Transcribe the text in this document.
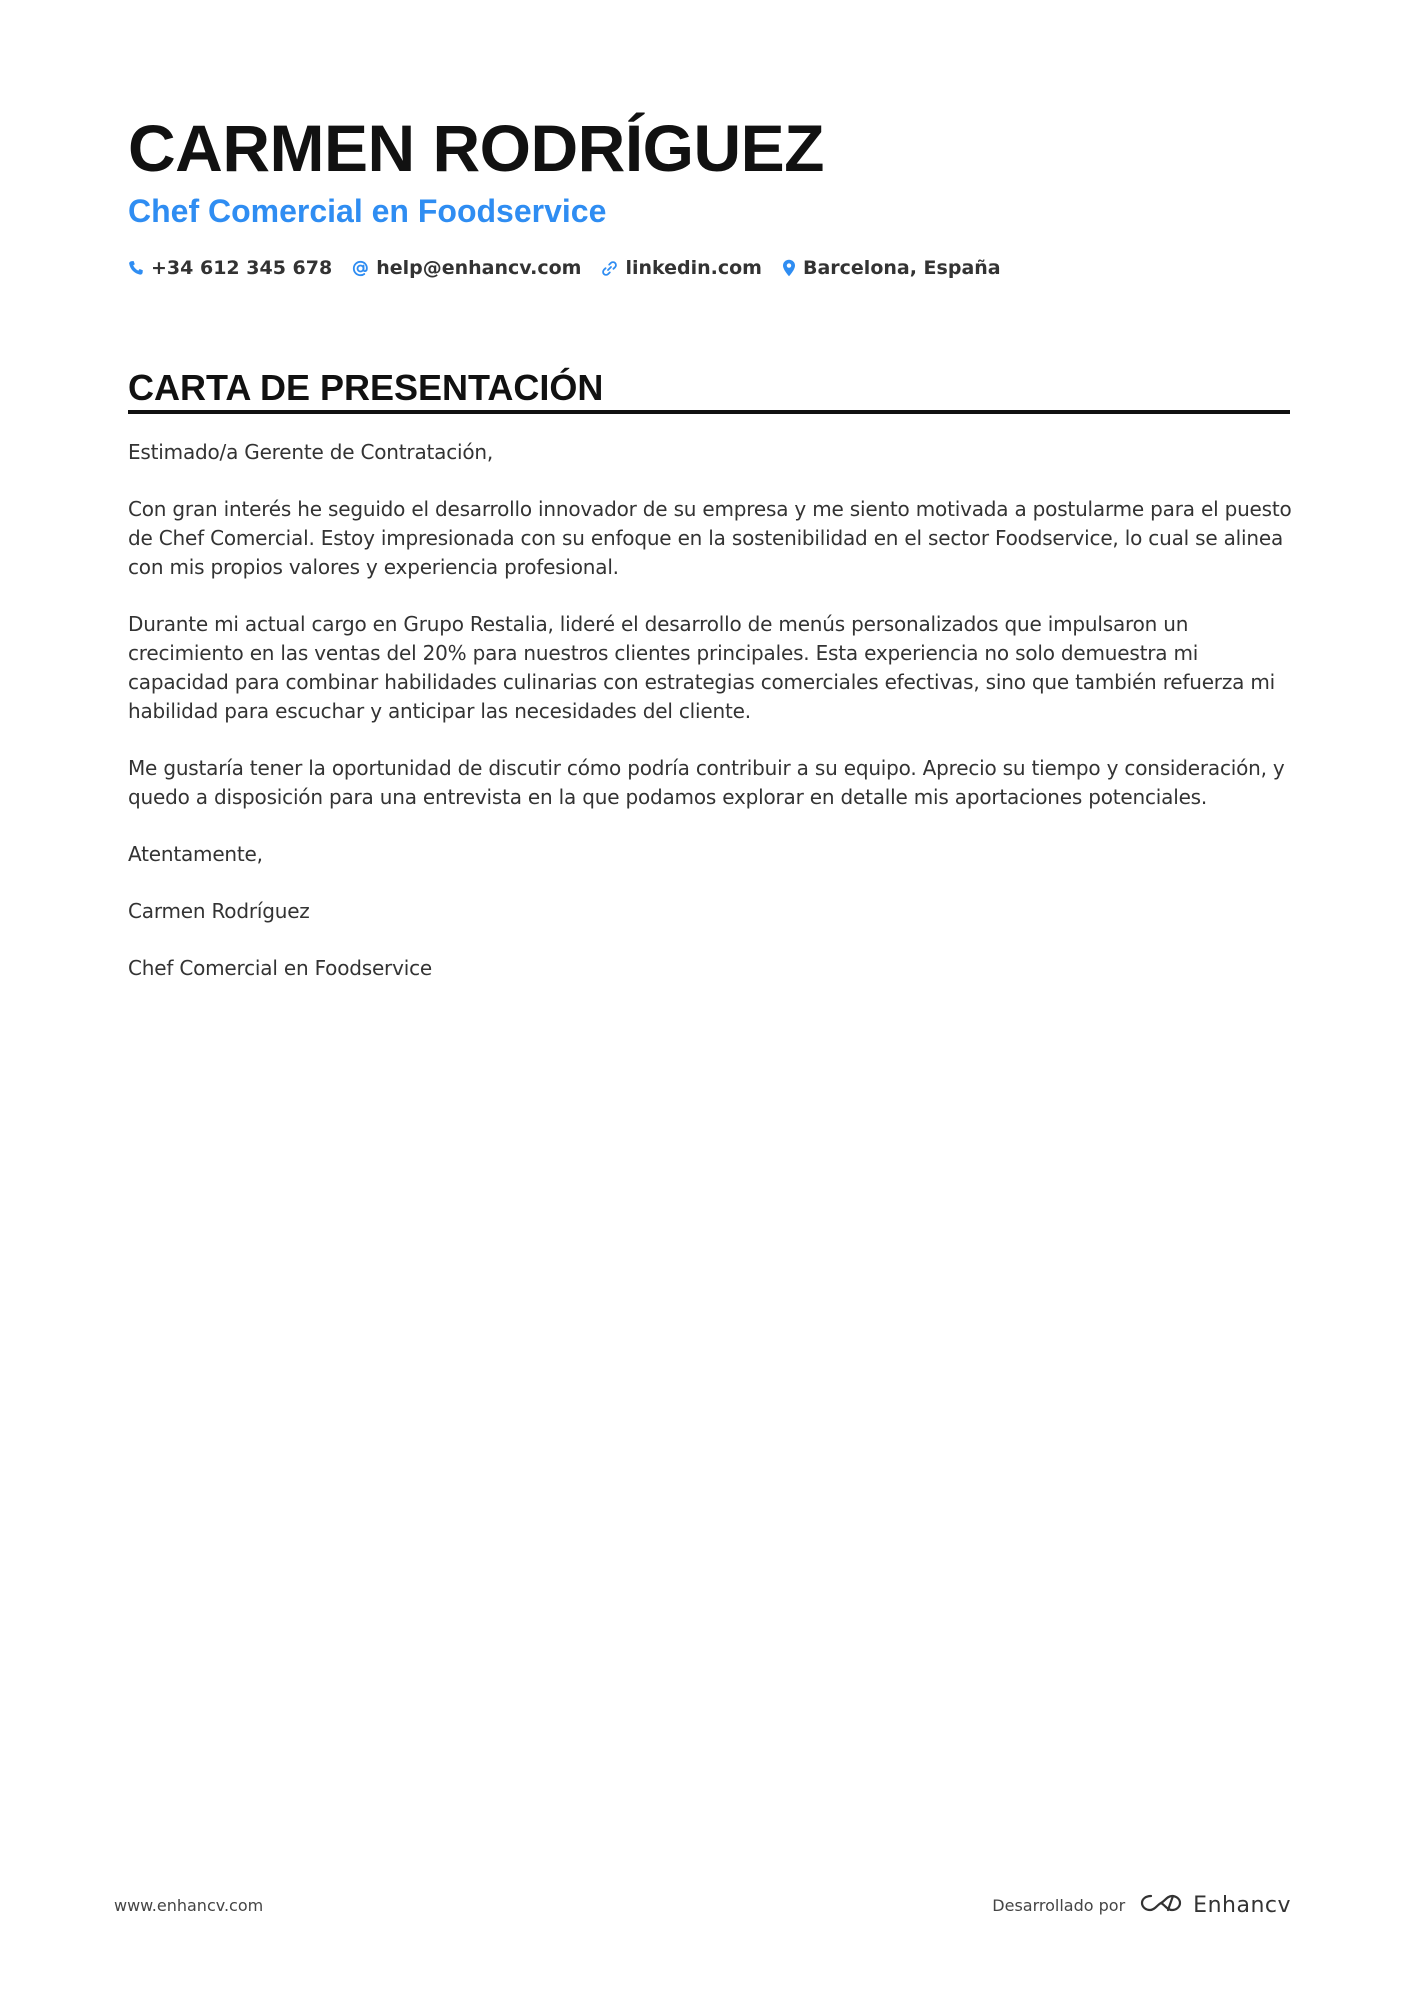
CARMEN RODRÍGUEZ
Chef Comercial en Foodservice
+34 612 345 678 help@enhancv.com linkedin.com Barcelona, España
CARTA DE PRESENTACIÓN

Estimado/a Gerente de Contratación,

Con gran interés he seguido el desarrollo innovador de su empresa y me siento motivada a postularme para el puesto de Chef Comercial. Estoy impresionada con su enfoque en la sostenibilidad en el sector Foodservice, lo cual se alinea con mis propios valores y experiencia profesional.

Durante mi actual cargo en Grupo Restalia, lideré el desarrollo de menús personalizados que impulsaron un crecimiento en las ventas del 20% para nuestros clientes principales. Esta experiencia no solo demuestra mi capacidad para combinar habilidades culinarias con estrategias comerciales efectivas, sino que también refuerza mi habilidad para escuchar y anticipar las necesidades del cliente.

Me gustaría tener la oportunidad de discutir cómo podría contribuir a su equipo. Aprecio su tiempo y consideración, y quedo a disposición para una entrevista en la que podamos explorar en detalle mis aportaciones potenciales.

Atentamente,

Carmen Rodríguez

Chef Comercial en Foodservice

www.enhancv.com	Desarrollado por	Enhancv
